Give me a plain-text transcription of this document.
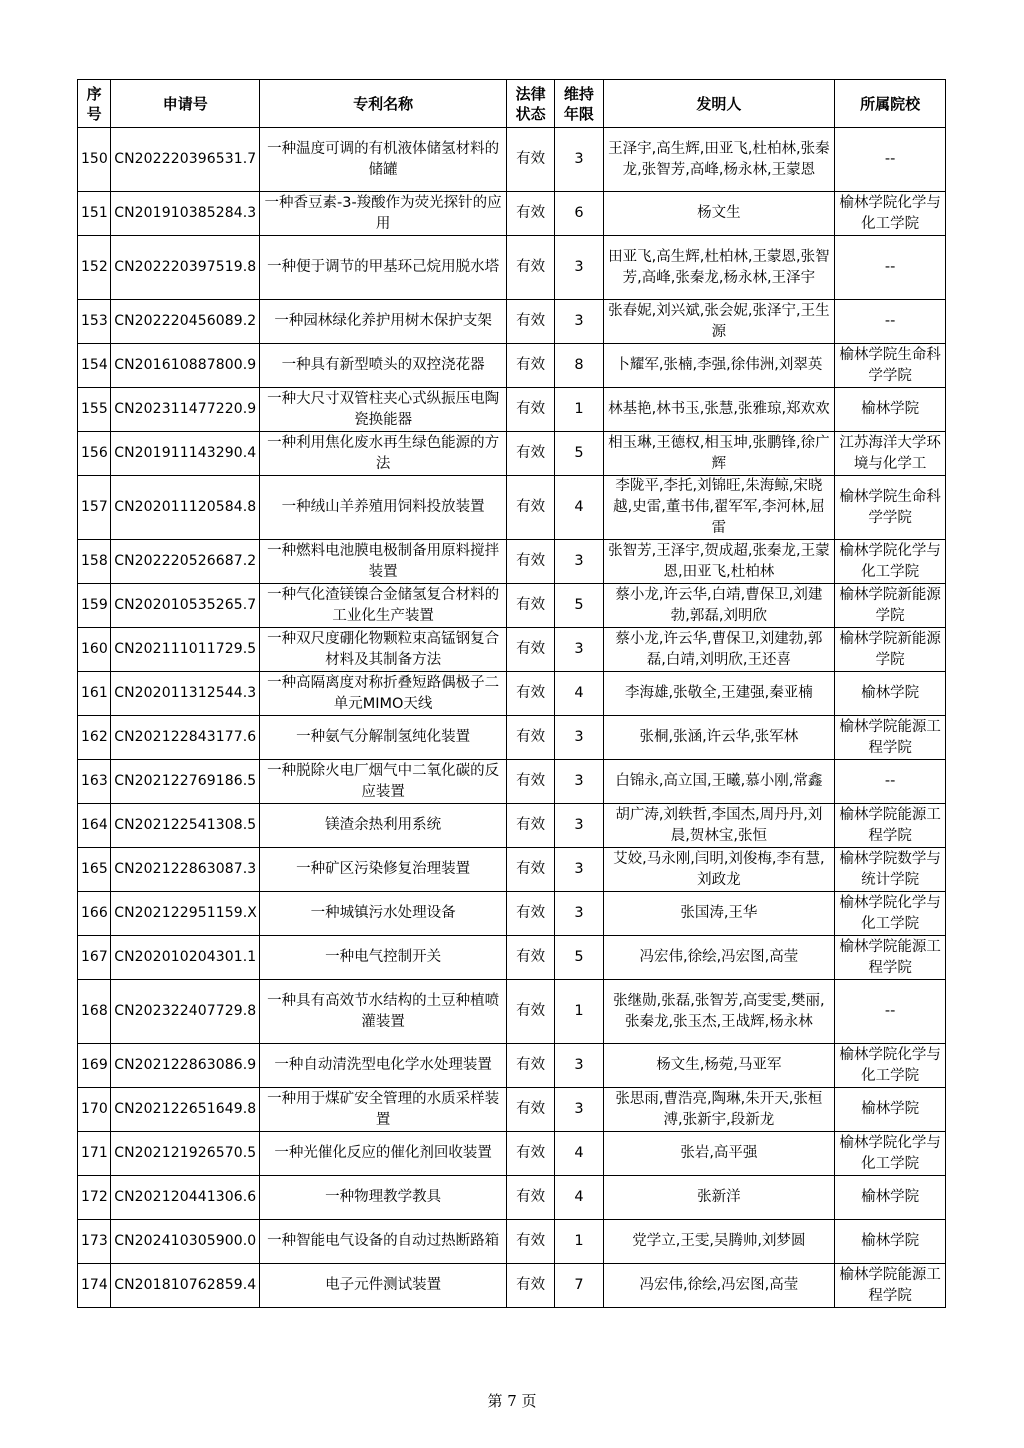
序号	申请号	专利名称	法律状态	维持年限	发明人	所属院校
150	CN202220396531.7	一种温度可调的有机液体储氢材料的储罐	有效	3	王泽宇,高生辉,田亚飞,杜柏林,张秦龙,张智芳,高峰,杨永林,王蒙恩	--
151	CN201910385284.3	一种香豆素-3-羧酸作为荧光探针的应用	有效	6	杨文生	榆林学院化学与化工学院
152	CN202220397519.8	一种便于调节的甲基环己烷用脱水塔	有效	3	田亚飞,高生辉,杜柏林,王蒙恩,张智芳,高峰,张秦龙,杨永林,王泽宇	--
153	CN202220456089.2	一种园林绿化养护用树木保护支架	有效	3	张春妮,刘兴斌,张会妮,张泽宁,王生源	--
154	CN201610887800.9	一种具有新型喷头的双控浇花器	有效	8	卜耀军,张楠,李强,徐伟洲,刘翠英	榆林学院生命科学学院
155	CN202311477220.9	一种大尺寸双管柱夹心式纵振压电陶瓷换能器	有效	1	林基艳,林书玉,张慧,张雅琼,郑欢欢	榆林学院
156	CN201911143290.4	一种利用焦化废水再生绿色能源的方法	有效	5	相玉琳,王德权,相玉坤,张鹏锋,徐广辉	江苏海洋大学环境与化学工
157	CN202011120584.8	一种绒山羊养殖用饲料投放装置	有效	4	李陇平,李托,刘锦旺,朱海鲸,宋晓越,史雷,董书伟,翟军军,李河林,屈雷	榆林学院生命科学学院
158	CN202220526687.2	一种燃料电池膜电极制备用原料搅拌装置	有效	3	张智芳,王泽宇,贺成超,张秦龙,王蒙恩,田亚飞,杜柏林	榆林学院化学与化工学院
159	CN202010535265.7	一种气化渣镁镍合金储氢复合材料的工业化生产装置	有效	5	蔡小龙,许云华,白靖,曹保卫,刘建勃,郭磊,刘明欣	榆林学院新能源学院
160	CN202111011729.5	一种双尺度硼化物颗粒束高锰钢复合材料及其制备方法	有效	3	蔡小龙,许云华,曹保卫,刘建勃,郭磊,白靖,刘明欣,王还喜	榆林学院新能源学院
161	CN202011312544.3	一种高隔离度对称折叠短路偶极子二单元MIMO天线	有效	4	李海雄,张敬全,王建强,秦亚楠	榆林学院
162	CN202122843177.6	一种氨气分解制氢纯化装置	有效	3	张桐,张涵,许云华,张军林	榆林学院能源工程学院
163	CN202122769186.5	一种脱除火电厂烟气中二氧化碳的反应装置	有效	3	白锦永,高立国,王曦,慕小刚,常鑫	--
164	CN202122541308.5	镁渣余热利用系统	有效	3	胡广涛,刘轶哲,李国杰,周丹丹,刘晨,贺林宝,张恒	榆林学院能源工程学院
165	CN202122863087.3	一种矿区污染修复治理装置	有效	3	艾姣,马永刚,闫明,刘俊梅,李有慧,刘政龙	榆林学院数学与统计学院
166	CN202122951159.X	一种城镇污水处理设备	有效	3	张国涛,王华	榆林学院化学与化工学院
167	CN202010204301.1	一种电气控制开关	有效	5	冯宏伟,徐绘,冯宏图,高莹	榆林学院能源工程学院
168	CN202322407729.8	一种具有高效节水结构的土豆种植喷灌装置	有效	1	张继勋,张磊,张智芳,高雯雯,樊丽,张秦龙,张玉杰,王战辉,杨永林	--
169	CN202122863086.9	一种自动清洗型电化学水处理装置	有效	3	杨文生,杨菀,马亚军	榆林学院化学与化工学院
170	CN202122651649.8	一种用于煤矿安全管理的水质采样装置	有效	3	张思雨,曹浩亮,陶琳,朱开天,张桓溥,张新宇,段新龙	榆林学院
171	CN202121926570.5	一种光催化反应的催化剂回收装置	有效	4	张岩,高平强	榆林学院化学与化工学院
172	CN202120441306.6	一种物理教学教具	有效	4	张新洋	榆林学院
173	CN202410305900.0	一种智能电气设备的自动过热断路箱	有效	1	党学立,王雯,吴腾帅,刘梦圆	榆林学院
174	CN201810762859.4	电子元件测试装置	有效	7	冯宏伟,徐绘,冯宏图,高莹	榆林学院能源工程学院
第 7 页
